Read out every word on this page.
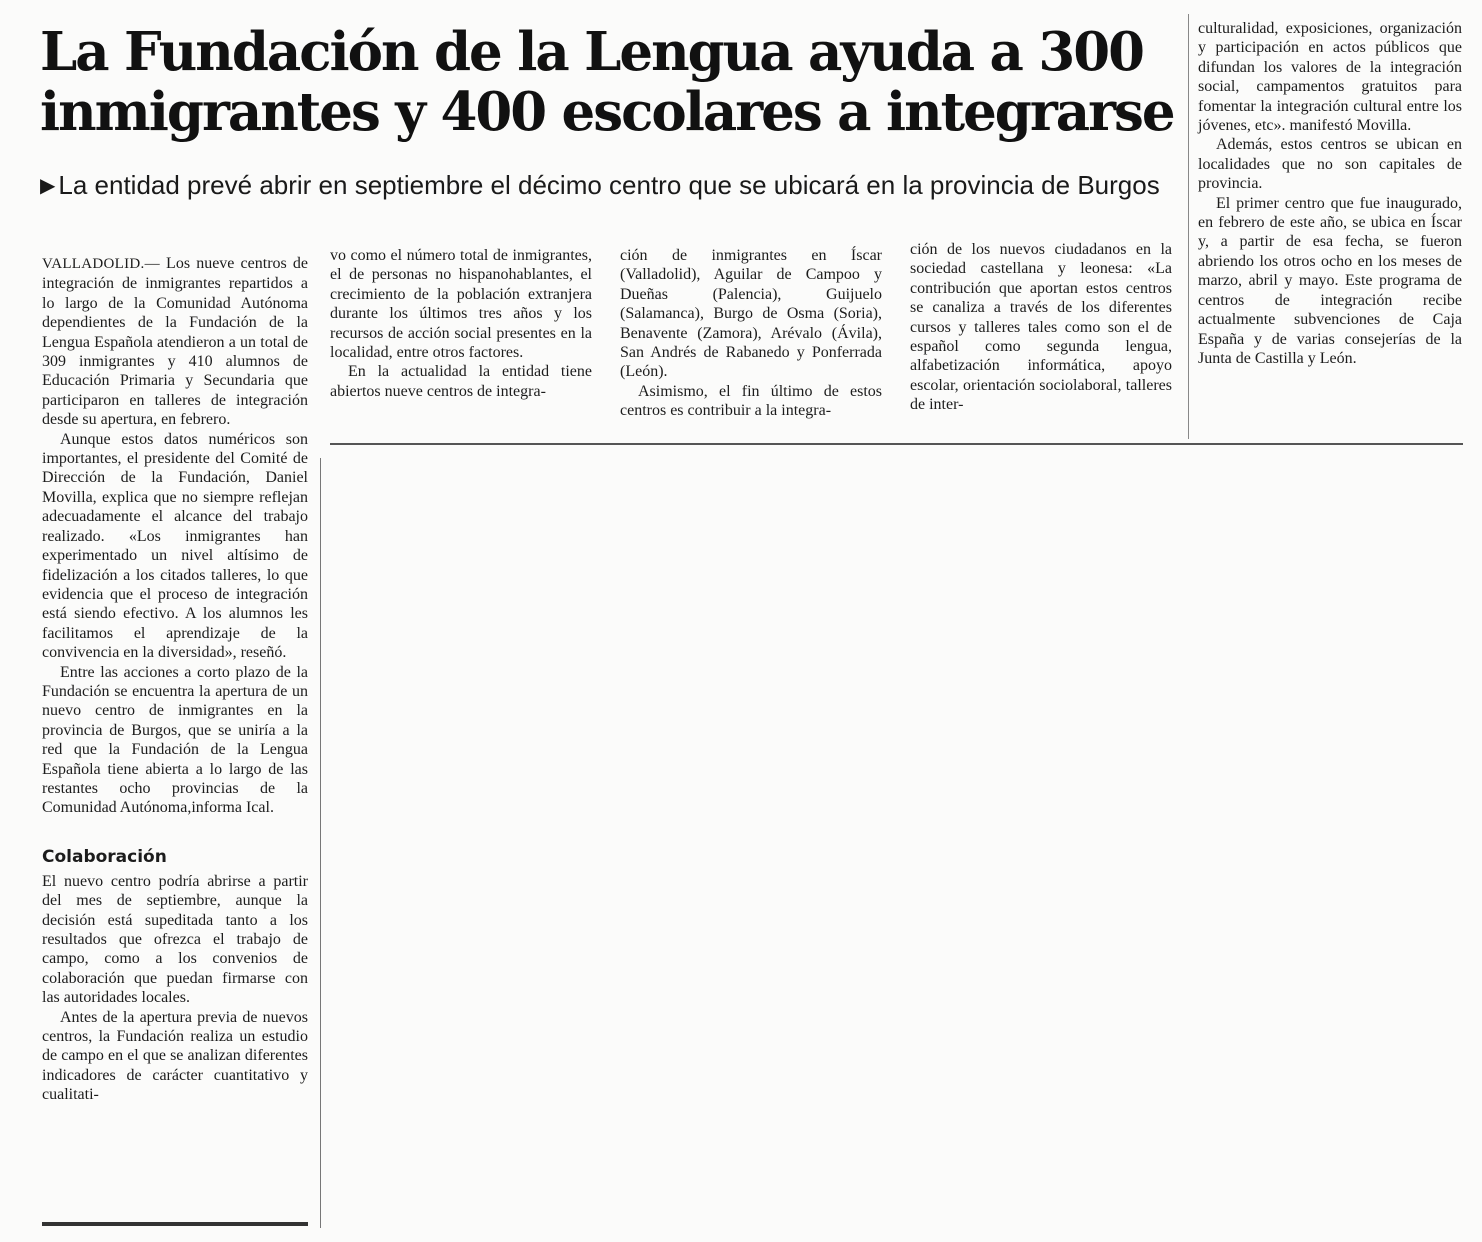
La Fundación de la Lengua ayuda a 300 inmigrantes y 400 escolares a integrarse
▶ La entidad prevé abrir en septiembre el décimo centro que se ubicará en la provincia de Burgos

VALLADOLID.— Los nueve centros de integración de inmigrantes repartidos a lo largo de la Comunidad Autónoma dependientes de la Fundación de la Lengua Española atendieron a un total de 309 inmigrantes y 410 alumnos de Educación Primaria y Secundaria que participaron en talleres de integración desde su apertura, en febrero.

Aunque estos datos numéricos son importantes, el presidente del Comité de Dirección de la Fundación, Daniel Movilla, explica que no siempre reflejan adecuadamente el alcance del trabajo realizado. «Los inmigrantes han experimentado un nivel altísimo de fidelización a los citados talleres, lo que evidencia que el proceso de integración está siendo efectivo. A los alumnos les facilitamos el aprendizaje de la convivencia en la diversidad», reseñó.

Entre las acciones a corto plazo de la Fundación se encuentra la apertura de un nuevo centro de inmigrantes en la provincia de Burgos, que se uniría a la red que la Fundación de la Lengua Española tiene abierta a lo largo de las restantes ocho provincias de la Comunidad Autónoma,informa Ical.

Colaboración

El nuevo centro podría abrirse a partir del mes de septiembre, aunque la decisión está supeditada tanto a los resultados que ofrezca el trabajo de campo, como a los convenios de colaboración que puedan firmarse con las autoridades locales.

Antes de la apertura previa de nuevos centros, la Fundación realiza un estudio de campo en el que se analizan diferentes indicadores de carácter cuantitativo y cualitati-

vo como el número total de inmigrantes, el de personas no hispanohablantes, el crecimiento de la población extranjera durante los últimos tres años y los recursos de acción social presentes en la localidad, entre otros factores.

En la actualidad la entidad tiene abiertos nueve centros de integra-

ción de inmigrantes en Íscar (Valladolid), Aguilar de Campoo y Dueñas (Palencia), Guijuelo (Salamanca), Burgo de Osma (Soria), Benavente (Zamora), Arévalo (Ávila), San Andrés de Rabanedo y Ponferrada (León).

Asimismo, el fin último de estos centros es contribuir a la integra-

ción de los nuevos ciudadanos en la sociedad castellana y leonesa: «La contribución que aportan estos centros se canaliza a través de los diferentes cursos y talleres tales como son el de español como segunda lengua, alfabetización informática, apoyo escolar, orientación sociolaboral, talleres de inter-

culturalidad, exposiciones, organización y participación en actos públicos que difundan los valores de la integración social, campamentos gratuitos para fomentar la integración cultural entre los jóvenes, etc». manifestó Movilla.

Además, estos centros se ubican en localidades que no son capitales de provincia.

El primer centro que fue inaugurado, en febrero de este año, se ubica en Íscar y, a partir de esa fecha, se fueron abriendo los otros ocho en los meses de marzo, abril y mayo. Este programa de centros de integración recibe actualmente subvenciones de Caja España y de varias consejerías de la Junta de Castilla y León.
